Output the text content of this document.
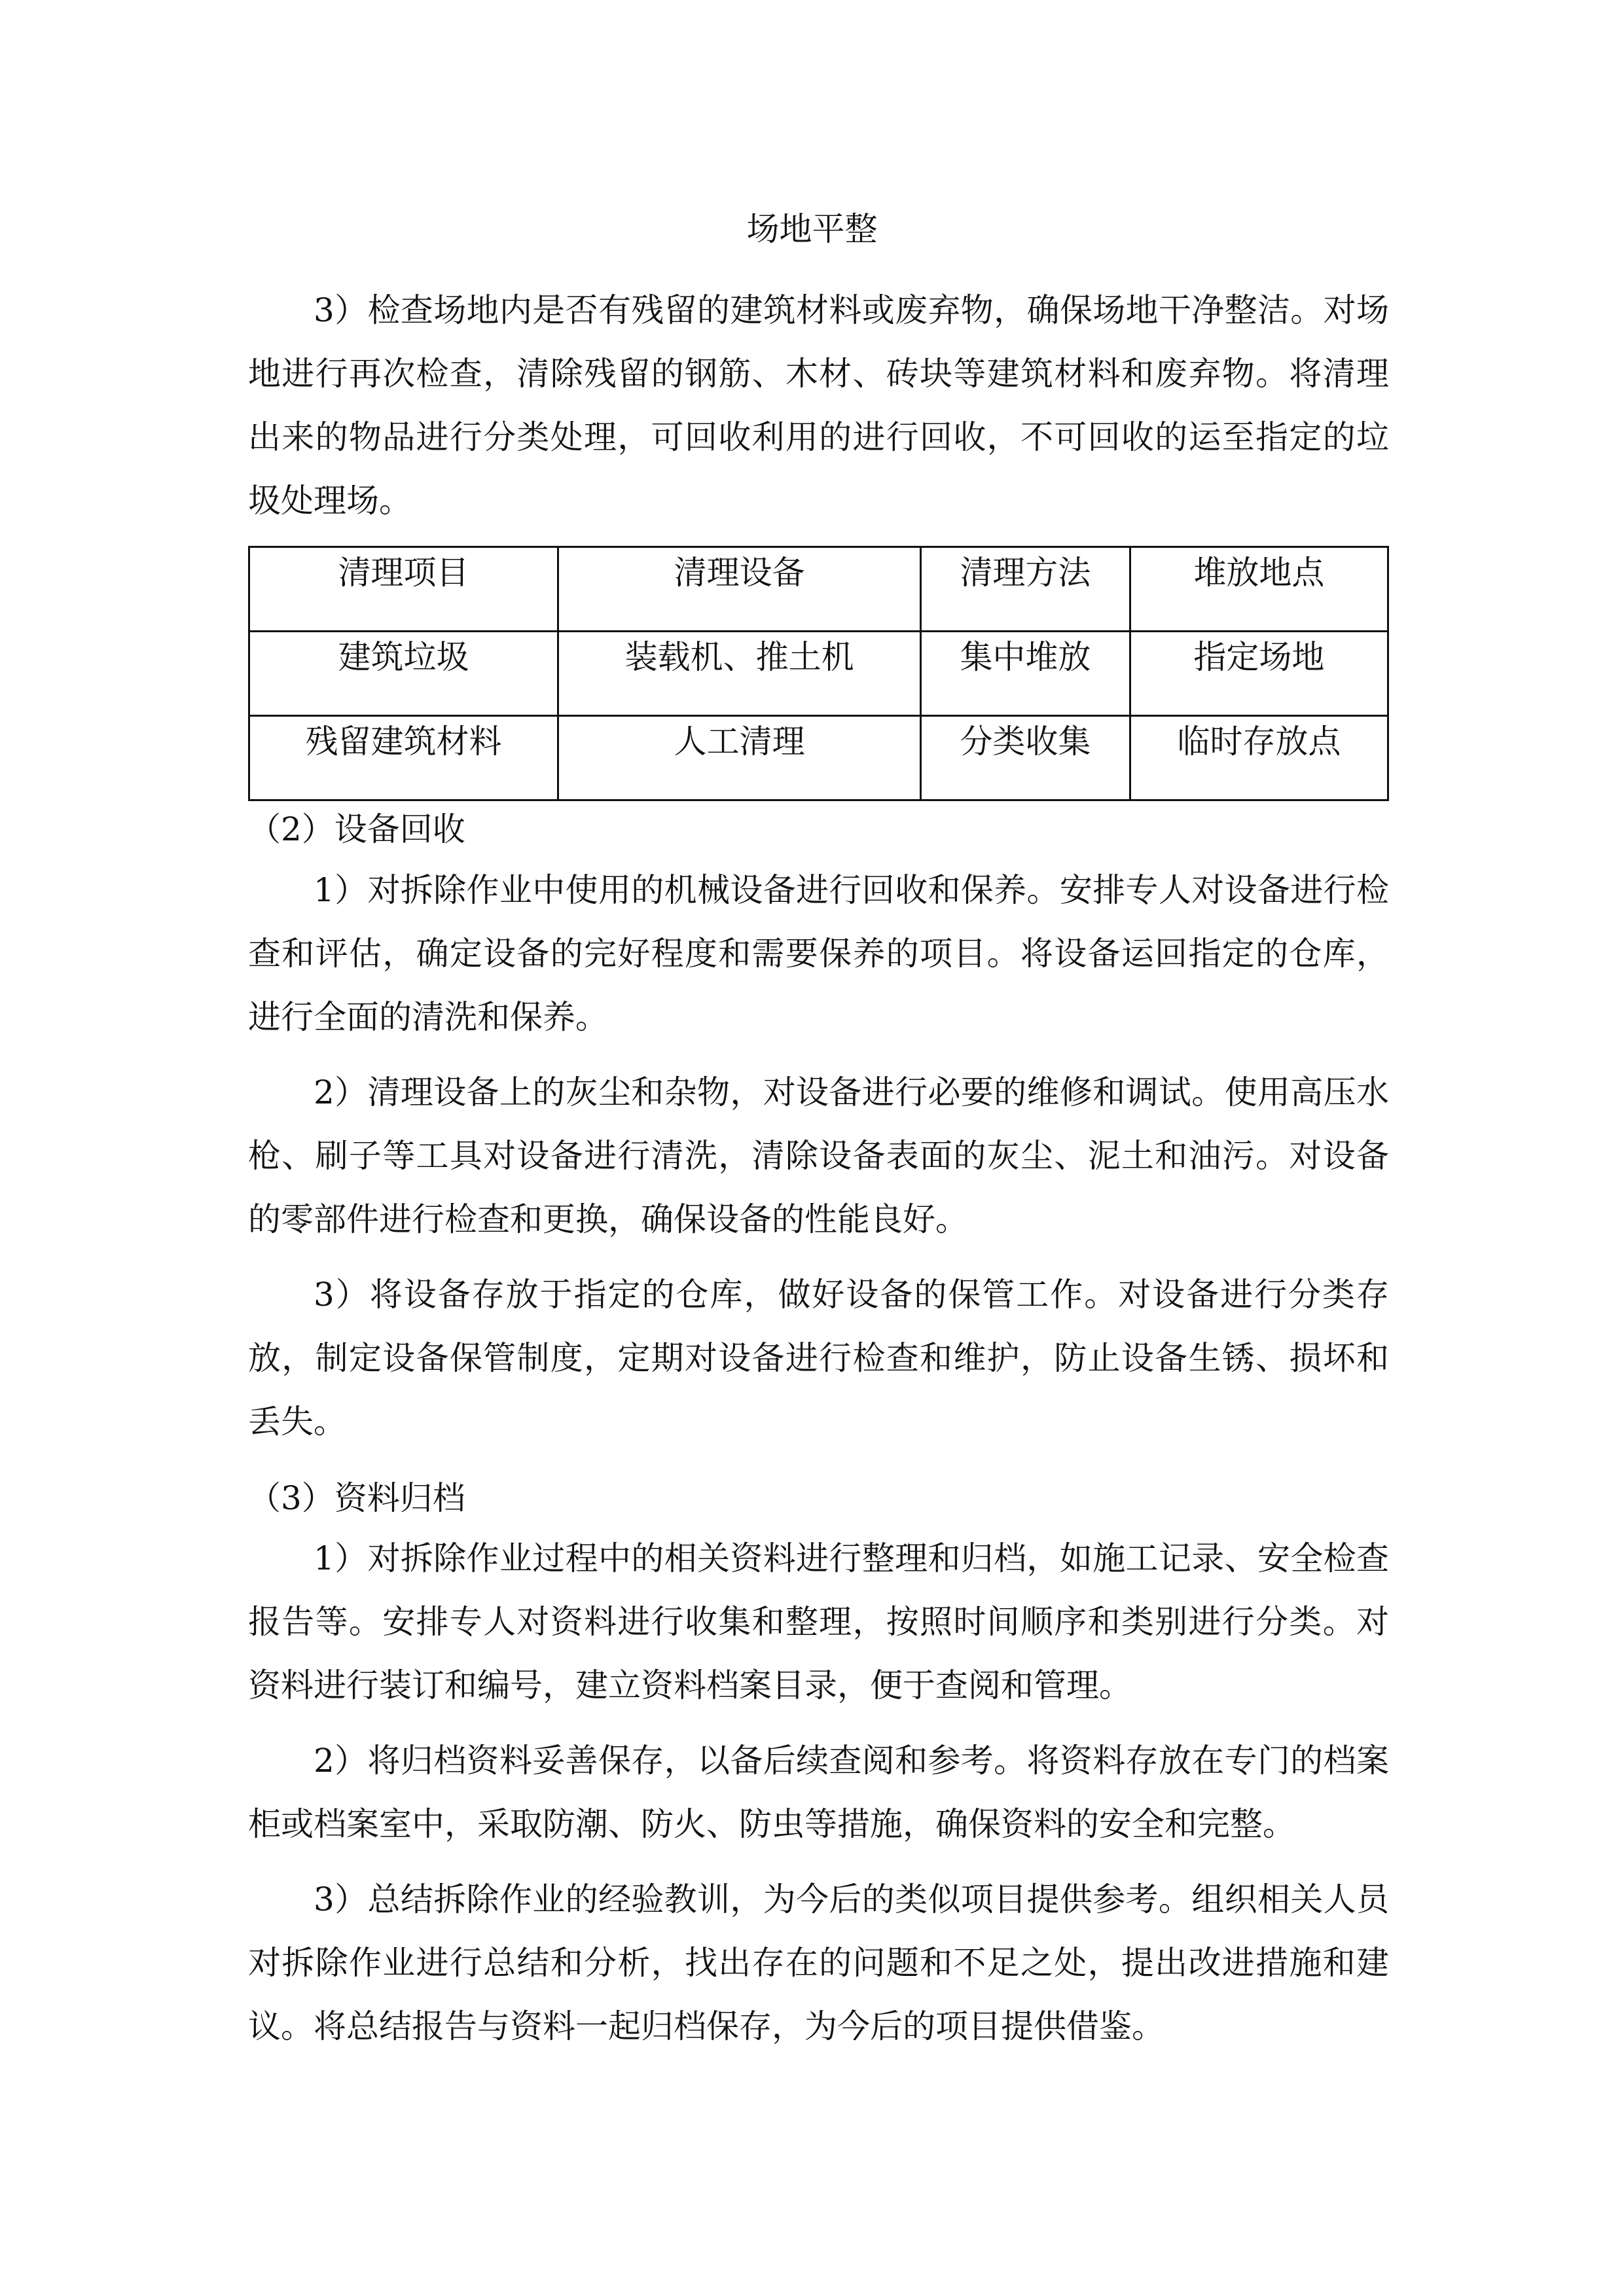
场地平整
3）检查场地内是否有残留的建筑材料或废弃物，确保场地干净整洁。对场地进行再次检查，清除残留的钢筋、木材、砖块等建筑材料和废弃物。将清理出来的物品进行分类处理，可回收利用的进行回收，不可回收的运至指定的垃圾处理场。
清理项目	清理设备	清理方法	堆放地点
建筑垃圾	装载机、推土机	集中堆放	指定场地
残留建筑材料	人工清理	分类收集	临时存放点
（2）设备回收
1）对拆除作业中使用的机械设备进行回收和保养。安排专人对设备进行检查和评估，确定设备的完好程度和需要保养的项目。将设备运回指定的仓库，进行全面的清洗和保养。
2）清理设备上的灰尘和杂物，对设备进行必要的维修和调试。使用高压水枪、刷子等工具对设备进行清洗，清除设备表面的灰尘、泥土和油污。对设备的零部件进行检查和更换，确保设备的性能良好。
3）将设备存放于指定的仓库，做好设备的保管工作。对设备进行分类存放，制定设备保管制度，定期对设备进行检查和维护，防止设备生锈、损坏和丢失。
（3）资料归档
1）对拆除作业过程中的相关资料进行整理和归档，如施工记录、安全检查报告等。安排专人对资料进行收集和整理，按照时间顺序和类别进行分类。对资料进行装订和编号，建立资料档案目录，便于查阅和管理。
2）将归档资料妥善保存，以备后续查阅和参考。将资料存放在专门的档案柜或档案室中，采取防潮、防火、防虫等措施，确保资料的安全和完整。
3）总结拆除作业的经验教训，为今后的类似项目提供参考。组织相关人员对拆除作业进行总结和分析，找出存在的问题和不足之处，提出改进措施和建议。将总结报告与资料一起归档保存，为今后的项目提供借鉴。
